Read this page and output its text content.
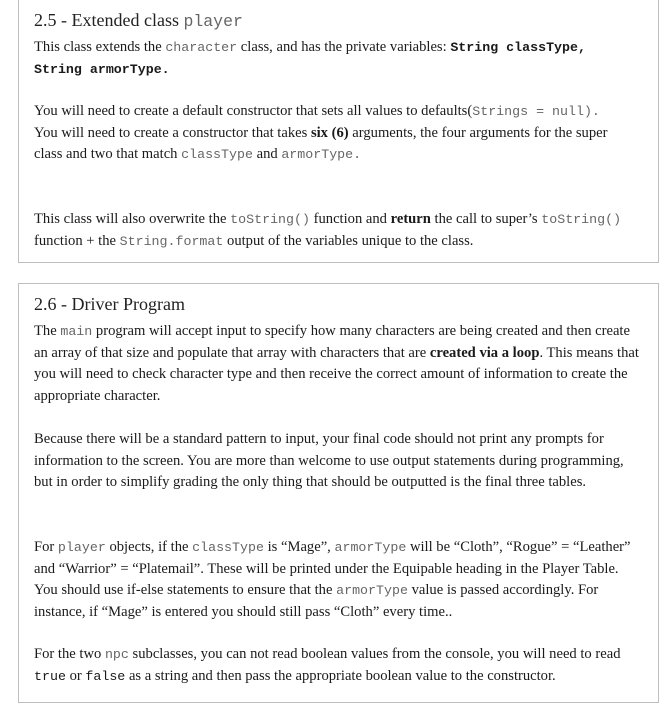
2.5 - Extended class player

This class extends the character class, and has the private variables: String classType, String armorType.

You will need to create a default constructor that sets all values to defaults(Strings = null).
You will need to create a constructor that takes six (6) arguments, the four arguments for the super class and two that match classType and armorType.

This class will also overwrite the toString() function and return the call to super’s toString() function + the String.format output of the variables unique to the class.

2.6 - Driver Program

The main program will accept input to specify how many characters are being created and then create an array of that size and populate that array with characters that are created via a loop. This means that you will need to check character type and then receive the correct amount of information to create the appropriate character.

Because there will be a standard pattern to input, your final code should not print any prompts for information to the screen. You are more than welcome to use output statements during programming, but in order to simplify grading the only thing that should be outputted is the final three tables.

For player objects, if the classType is “Mage”, armorType will be “Cloth”, “Rogue” = “Leather” and “Warrior” = “Platemail”. These will be printed under the Equipable heading in the Player Table. You should use if-else statements to ensure that the armorType value is passed accordingly. For instance, if “Mage” is entered you should still pass “Cloth” every time..

For the two npc subclasses, you can not read boolean values from the console, you will need to read true or false as a string and then pass the appropriate boolean value to the constructor.
